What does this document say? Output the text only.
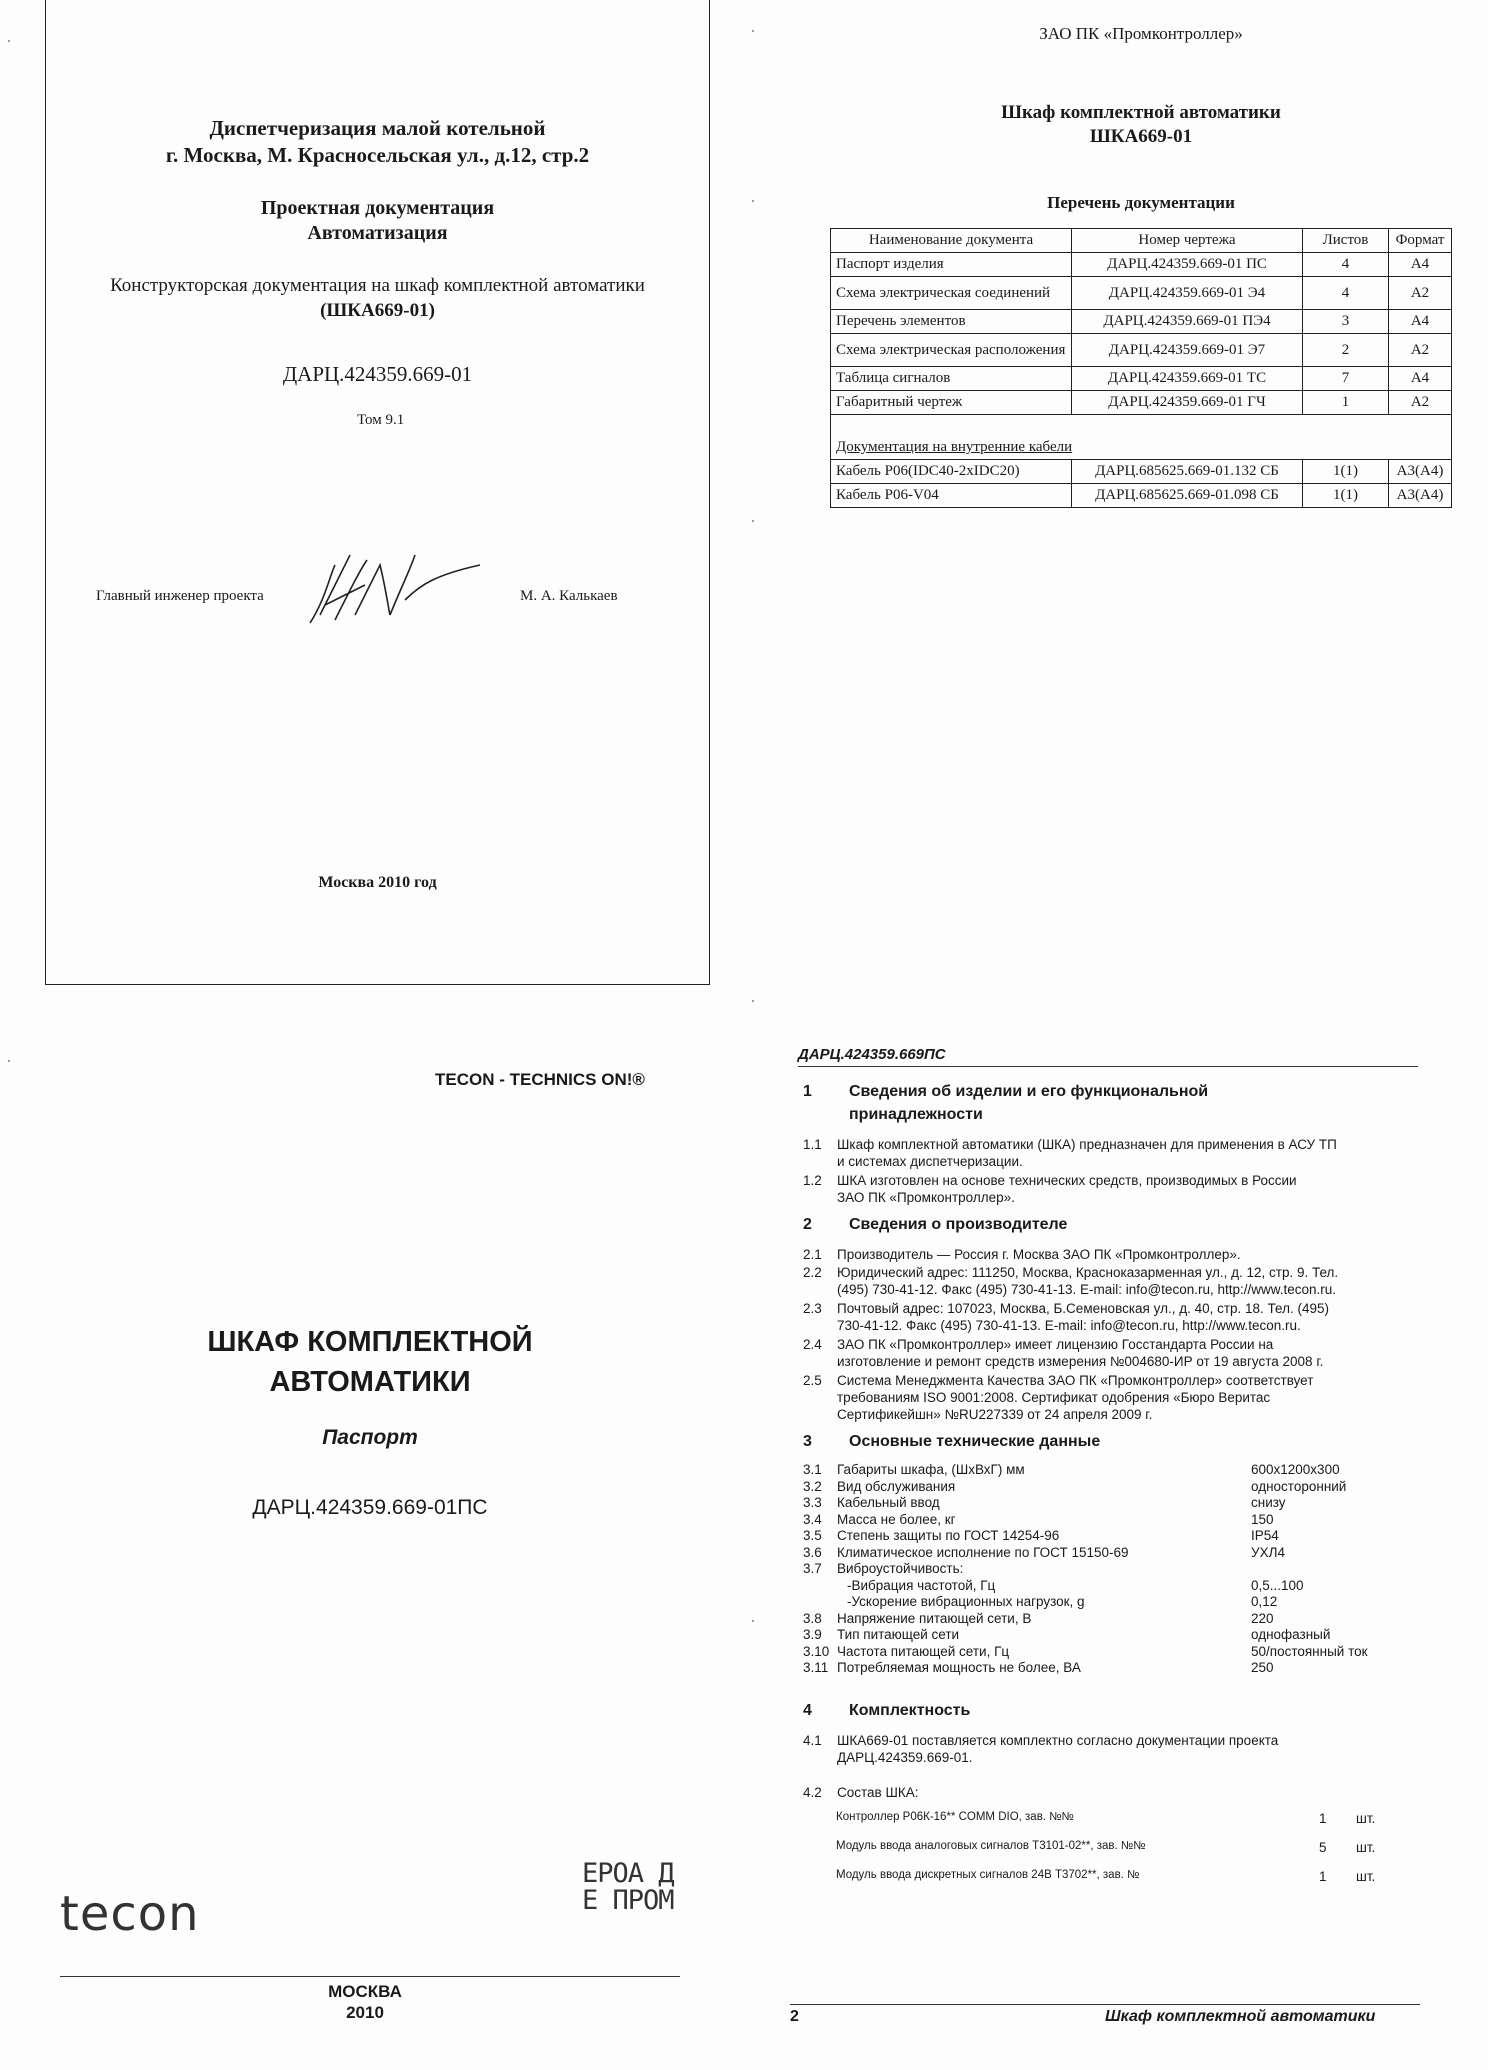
Диспетчеризация малой котельной
г. Москва, М. Красносельская ул., д.12, стр.2
Проектная документация
Автоматизация
Конструкторская документация на шкаф комплектной автоматики
(ШКА669-01)
ДАРЦ.424359.669-01
Том 9.1
Главный инженер проекта	М. А. Калькаев
Москва 2010 год
ЗАО ПК «Промконтроллер»
Шкаф комплектной автоматики
ШКА669-01
Перечень документации
Наименование документа	Номер чертежа	Листов	Формат
Паспорт изделия	ДАРЦ.424359.669-01 ПС	4	А4
Схема электрическая соединений	ДАРЦ.424359.669-01 Э4	4	А2
Перечень элементов	ДАРЦ.424359.669-01 ПЭ4	3	А4
Схема электрическая расположения	ДАРЦ.424359.669-01 Э7	2	А2
Таблица сигналов	ДАРЦ.424359.669-01 ТС	7	А4
Габаритный чертеж	ДАРЦ.424359.669-01 ГЧ	1	А2
Документация на внутренние кабели			
Кабель Р06(IDC40-2xIDC20)	ДАРЦ.685625.669-01.132 СБ	1(1)	А3(А4)
Кабель Р06-V04	ДАРЦ.685625.669-01.098 СБ	1(1)	А3(А4)
TECON - TECHNICS ON!®
ШКАФ КОМПЛЕКТНОЙ
АВТОМАТИКИ
Паспорт
ДАРЦ.424359.669-01ПС
tecon
ЕРОА ДЕ ПРОМ
МОСКВА
2010
ДАРЦ.424359.669ПС
1 Сведения об изделии и его функциональной
принадлежности
1.1	Шкаф комплектной автоматики (ШКА) предназначен для применения в АСУ ТП
и системах диспетчеризации.
1.2	ШКА изготовлен на основе технических средств, производимых в России
ЗАО ПК «Промконтроллер».
2 Сведения о производителе
2.1	Производитель — Россия г. Москва ЗАО ПК «Промконтроллер».
2.2	Юридический адрес: 111250, Москва, Красноказарменная ул., д. 12, стр. 9. Тел.
(495) 730-41-12. Факс (495) 730-41-13. E-mail: info@tecon.ru, http://www.tecon.ru.
2.3	Почтовый адрес: 107023, Москва, Б.Семеновская ул., д. 40, стр. 18. Тел. (495)
730-41-12. Факс (495) 730-41-13. E-mail: info@tecon.ru, http://www.tecon.ru.
2.4	ЗАО ПК «Промконтроллер» имеет лицензию Госстандарта России на
изготовление и ремонт средств измерения №004680-ИР от 19 августа 2008 г.
2.5	Система Менеджмента Качества ЗАО ПК «Промконтроллер» соответствует
требованиям ISO 9001:2008. Сертификат одобрения «Бюро Веритас
Сертификейшн» №RU227339 от 24 апреля 2009 г.
3 Основные технические данные
3.1 Габариты шкафа, (ШхВхГ) мм	600х1200х300
3.2 Вид обслуживания	односторонний
3.3 Кабельный ввод	снизу
3.4 Масса не более, кг	150
3.5 Степень защиты по ГОСТ 14254-96	IP54
3.6 Климатическое исполнение по ГОСТ 15150-69	УХЛ4
3.7 Виброустойчивость:
-Вибрация частотой, Гц	0,5...100
-Ускорение вибрационных нагрузок, g	0,12
3.8 Напряжение питающей сети, В	220
3.9 Тип питающей сети	однофазный
3.10 Частота питающей сети, Гц	50/постоянный ток
3.11 Потребляемая мощность не более, ВА	250
4 Комплектность
4.1	ШКА669-01 поставляется комплектно согласно документации проекта
ДАРЦ.424359.669-01.
4.2	Состав ШКА:
Контроллер Р06К-16** COMM DIO, зав. №№	1 шт.
Модуль ввода аналоговых сигналов Т3101-02**, зав. №№	5 шт.
Модуль ввода дискретных сигналов 24В Т3702**, зав. №	1 шт.
2	Шкаф комплектной автоматики
